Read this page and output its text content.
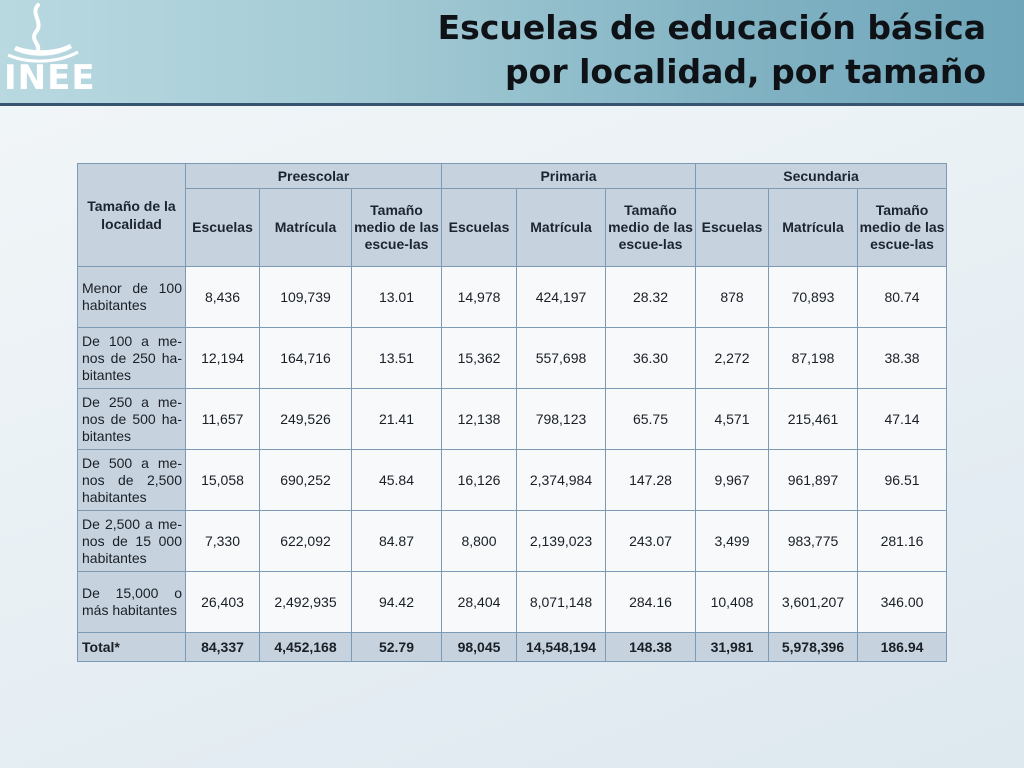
INEE
Escuelas de educación básica
por localidad, por tamaño
Tamaño de la localidad	Preescolar			Primaria			Secundaria		
	Escuelas	Matrícula	Tamaño medio de las escue-las	Escuelas	Matrícula	Tamaño medio de las escue-las	Escuelas	Matrícula	Tamaño medio de las escue-las
Menor de 100 habitantes	8,436	109,739	13.01	14,978	424,197	28.32	878	70,893	80.74
De 100 a me-nos de 250 ha-bitantes	12,194	164,716	13.51	15,362	557,698	36.30	2,272	87,198	38.38
De 250 a me-nos de 500 ha-bitantes	11,657	249,526	21.41	12,138	798,123	65.75	4,571	215,461	47.14
De 500 a me-nos de 2,500 habitantes	15,058	690,252	45.84	16,126	2,374,984	147.28	9,967	961,897	96.51
De 2,500 a me-nos de 15 000 habitantes	7,330	622,092	84.87	8,800	2,139,023	243.07	3,499	983,775	281.16
De 15,000 o más habitantes	26,403	2,492,935	94.42	28,404	8,071,148	284.16	10,408	3,601,207	346.00
Total*	84,337	4,452,168	52.79	98,045	14,548,194	148.38	31,981	5,978,396	186.94
